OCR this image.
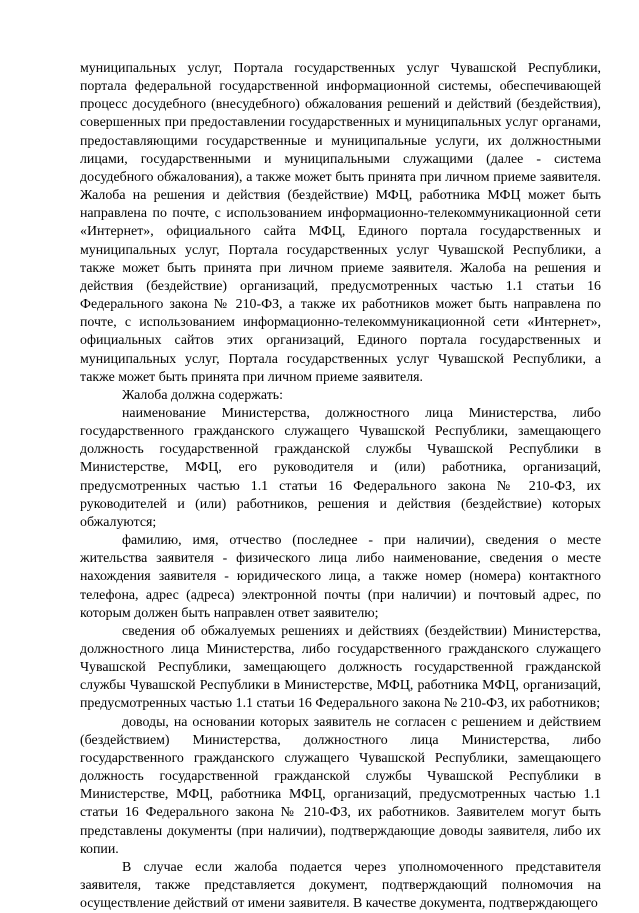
муниципальных услуг, Портала государственных услуг Чувашской Республики, портала федеральной государственной информационной системы, обеспечивающей процесс досудебного (внесудебного) обжалования решений и действий (бездействия), совершенных при предоставлении государственных и муниципальных услуг органами, предоставляющими государственные и муниципальные услуги, их должностными лицами, государственными и муниципальными служащими (далее - система досудебного обжалования), а также может быть принята при личном приеме заявителя. Жалоба на решения и действия (бездействие) МФЦ, работника МФЦ может быть направлена по почте, с использованием информационно-телекоммуникационной сети «Интернет», официального сайта МФЦ, Единого портала государственных и муниципальных услуг, Портала государственных услуг Чувашской Республики, а также может быть принята при личном приеме заявителя. Жалоба на решения и действия (бездействие) организаций, предусмотренных частью 1.1 статьи 16 Федерального закона № 210-ФЗ, а также их работников может быть направлена по почте, с использованием информационно-телекоммуникационной сети «Интернет», официальных сайтов этих организаций, Единого портала государственных и муниципальных услуг, Портала государственных услуг Чувашской Республики, а также может быть принята при личном приеме заявителя.

Жалоба должна содержать:

наименование Министерства, должностного лица Министерства, либо государственного гражданского служащего Чувашской Республики, замещающего должность государственной гражданской службы Чувашской Республики в Министерстве, МФЦ, его руководителя и (или) работника, организаций, предусмотренных частью 1.1 статьи 16 Федерального закона № 210-ФЗ, их руководителей и (или) работников, решения и действия (бездействие) которых обжалуются;

фамилию, имя, отчество (последнее - при наличии), сведения о месте жительства заявителя - физического лица либо наименование, сведения о месте нахождения заявителя - юридического лица, а также номер (номера) контактного телефона, адрес (адреса) электронной почты (при наличии) и почтовый адрес, по которым должен быть направлен ответ заявителю;

сведения об обжалуемых решениях и действиях (бездействии) Министерства, должностного лица Министерства, либо государственного гражданского служащего Чувашской Республики, замещающего должность государственной гражданской службы Чувашской Республики в Министерстве, МФЦ, работника МФЦ, организаций, предусмотренных частью 1.1 статьи 16 Федерального закона № 210-ФЗ, их работников;

доводы, на основании которых заявитель не согласен с решением и действием (бездействием) Министерства, должностного лица Министерства, либо государственного гражданского служащего Чувашской Республики, замещающего должность государственной гражданской службы Чувашской Республики в Министерстве, МФЦ, работника МФЦ, организаций, предусмотренных частью 1.1 статьи 16 Федерального закона № 210-ФЗ, их работников. Заявителем могут быть представлены документы (при наличии), подтверждающие доводы заявителя, либо их копии.

В случае если жалоба подается через уполномоченного представителя заявителя, также представляется документ, подтверждающий полномочия на осуществление действий от имени заявителя. В качестве документа, подтверждающего
